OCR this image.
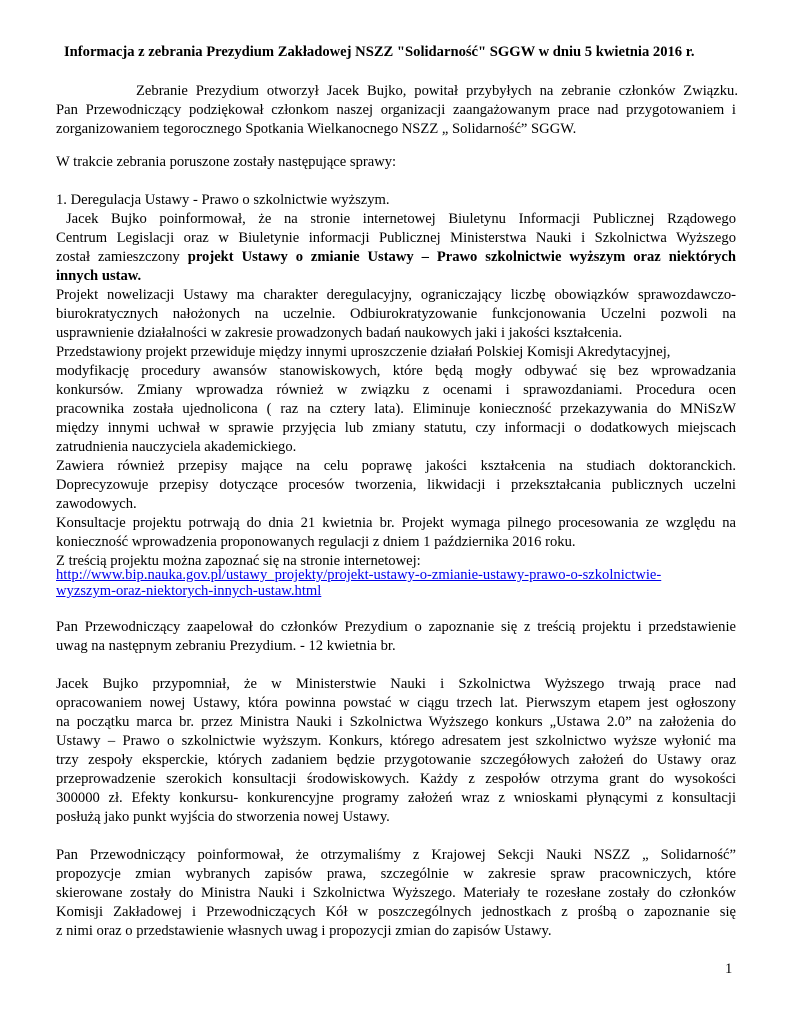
Informacja z zebrania Prezydium Zakładowej NSZZ "Solidarność" SGGW w dniu 5 kwietnia 2016 r.
Zebranie Prezydium otworzył Jacek Bujko, powitał przybyłych na zebranie członków Związku.
Pan Przewodniczący podziękował członkom naszej organizacji zaangażowanym prace nad przygotowaniem i
zorganizowaniem tegorocznego Spotkania Wielkanocnego NSZZ „ Solidarność” SGGW.
W trakcie zebrania poruszone zostały następujące sprawy:
1. Deregulacja Ustawy - Prawo o szkolnictwie wyższym.
Jacek Bujko poinformował, że na stronie internetowej Biuletynu Informacji Publicznej Rządowego
Centrum Legislacji oraz w Biuletynie informacji Publicznej Ministerstwa Nauki i Szkolnictwa Wyższego
został zamieszczony projekt Ustawy o zmianie Ustawy – Prawo szkolnictwie wyższym oraz niektórych
innych ustaw.
Projekt nowelizacji Ustawy ma charakter deregulacyjny, ograniczający liczbę obowiązków sprawozdawczo-
biurokratycznych nałożonych na uczelnie. Odbiurokratyzowanie funkcjonowania Uczelni pozwoli na
usprawnienie działalności w zakresie prowadzonych badań naukowych jaki i jakości kształcenia.
Przedstawiony projekt przewiduje między innymi uproszczenie działań Polskiej Komisji Akredytacyjnej,
modyfikację procedury awansów stanowiskowych, które będą mogły odbywać się bez wprowadzania
konkursów. Zmiany wprowadza również w związku z ocenami i sprawozdaniami. Procedura ocen
pracownika została ujednolicona ( raz na cztery lata). Eliminuje konieczność przekazywania do MNiSzW
między innymi uchwał w sprawie przyjęcia lub zmiany statutu, czy informacji o dodatkowych miejscach
zatrudnienia nauczyciela akademickiego.
Zawiera również przepisy mające na celu poprawę jakości kształcenia na studiach doktoranckich.
Doprecyzowuje przepisy dotyczące procesów tworzenia, likwidacji i przekształcania publicznych uczelni
zawodowych.
Konsultacje projektu potrwają do dnia 21 kwietnia br. Projekt wymaga pilnego procesowania ze względu na
konieczność wprowadzenia proponowanych regulacji z dniem 1 października 2016 roku.
Z treścią projektu można zapoznać się na stronie internetowej:
http://www.bip.nauka.gov.pl/ustawy_projekty/projekt-ustawy-o-zmianie-ustawy-prawo-o-szkolnictwie-
wyzszym-oraz-niektorych-innych-ustaw.html
Pan Przewodniczący zaapelował do członków Prezydium o zapoznanie się z treścią projektu i przedstawienie
uwag na następnym zebraniu Prezydium. - 12 kwietnia br.
Jacek Bujko przypomniał, że w Ministerstwie Nauki i Szkolnictwa Wyższego trwają prace nad
opracowaniem nowej Ustawy, która powinna powstać w ciągu trzech lat. Pierwszym etapem jest ogłoszony
na początku marca br. przez Ministra Nauki i Szkolnictwa Wyższego konkurs „Ustawa 2.0” na założenia do
Ustawy – Prawo o szkolnictwie wyższym. Konkurs, którego adresatem jest szkolnictwo wyższe wyłonić ma
trzy zespoły eksperckie, których zadaniem będzie przygotowanie szczegółowych założeń do Ustawy oraz
przeprowadzenie szerokich konsultacji środowiskowych. Każdy z zespołów otrzyma grant do wysokości
300000 zł. Efekty konkursu- konkurencyjne programy założeń wraz z wnioskami płynącymi z konsultacji
posłużą jako punkt wyjścia do stworzenia nowej Ustawy.
Pan Przewodniczący poinformował, że otrzymaliśmy z Krajowej Sekcji Nauki NSZZ „ Solidarność”
propozycje zmian wybranych zapisów prawa, szczególnie w zakresie spraw pracowniczych, które
skierowane zostały do Ministra Nauki i Szkolnictwa Wyższego. Materiały te rozesłane zostały do członków
Komisji Zakładowej i Przewodniczących Kół w poszczególnych jednostkach z prośbą o zapoznanie się
z nimi oraz o przedstawienie własnych uwag i propozycji zmian do zapisów Ustawy.
1
